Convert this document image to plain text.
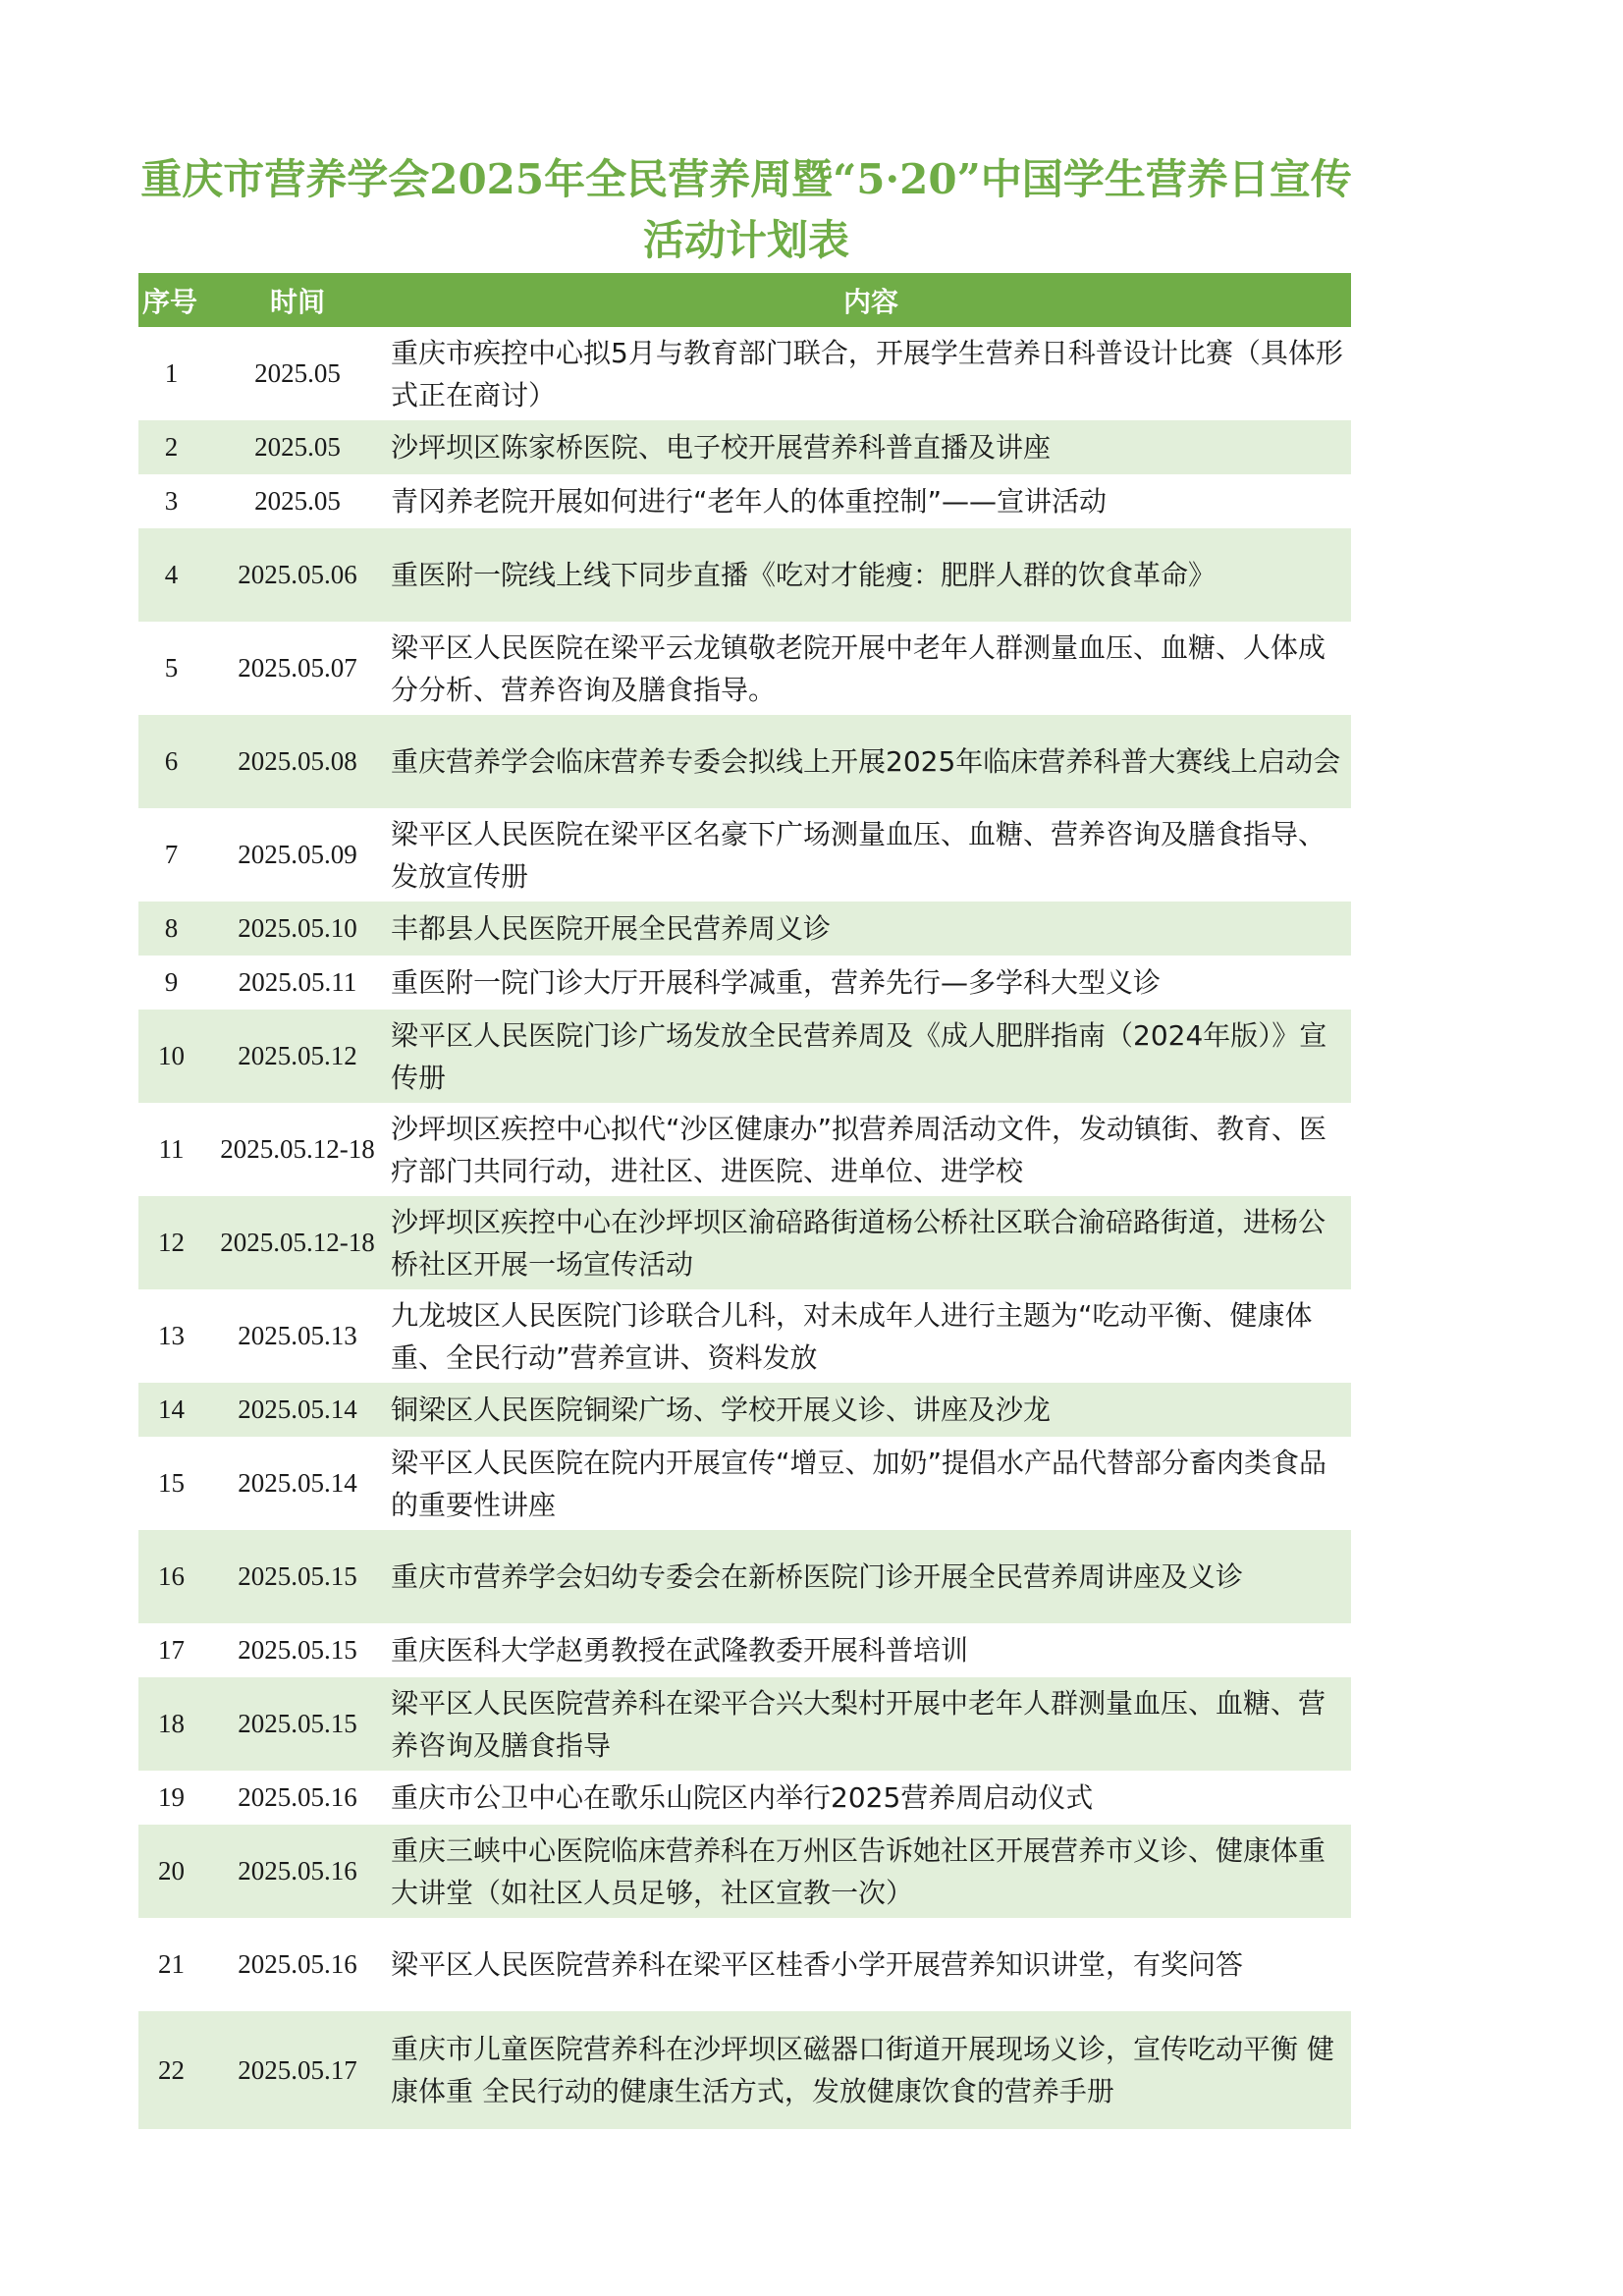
重庆市营养学会2025年全民营养周暨“5·20”中国学生营养日宣传活动计划表
序号	时间	内容
1	2025.05	重庆市疾控中心拟5月与教育部门联合，开展学生营养日科普设计比赛（具体形式正在商讨）
2	2025.05	沙坪坝区陈家桥医院、电子校开展营养科普直播及讲座
3	2025.05	青冈养老院开展如何进行“老年人的体重控制”——宣讲活动
4	2025.05.06	重医附一院线上线下同步直播《吃对才能瘦：肥胖人群的饮食革命》
5	2025.05.07	梁平区人民医院在梁平云龙镇敬老院开展中老年人群测量血压、血糖、人体成分分析、营养咨询及膳食指导。
6	2025.05.08	重庆营养学会临床营养专委会拟线上开展2025年临床营养科普大赛线上启动会
7	2025.05.09	梁平区人民医院在梁平区名豪下广场测量血压、血糖、营养咨询及膳食指导、发放宣传册
8	2025.05.10	丰都县人民医院开展全民营养周义诊
9	2025.05.11	重医附一院门诊大厅开展科学减重，营养先行—多学科大型义诊
10	2025.05.12	梁平区人民医院门诊广场发放全民营养周及《成人肥胖指南（2024年版）》宣传册
11	2025.05.12-18	沙坪坝区疾控中心拟代“沙区健康办”拟营养周活动文件，发动镇街、教育、医疗部门共同行动，进社区、进医院、进单位、进学校

12	2025.05.12-18	沙坪坝区疾控中心在沙坪坝区渝碚路街道杨公桥社区联合渝碚路街道，进杨公桥社区开展一场宣传活动
13	2025.05.13	九龙坡区人民医院门诊联合儿科，对未成年人进行主题为“吃动平衡、健康体重、全民行动”营养宣讲、资料发放
14	2025.05.14	铜梁区人民医院铜梁广场、学校开展义诊、讲座及沙龙
15	2025.05.14	梁平区人民医院在院内开展宣传“增豆、加奶”提倡水产品代替部分畜肉类食品的重要性讲座
16	2025.05.15	重庆市营养学会妇幼专委会在新桥医院门诊开展全民营养周讲座及义诊
17	2025.05.15	重庆医科大学赵勇教授在武隆教委开展科普培训
18	2025.05.15	梁平区人民医院营养科在梁平合兴大梨村开展中老年人群测量血压、血糖、营养咨询及膳食指导
19	2025.05.16	重庆市公卫中心在歌乐山院区内举行2025营养周启动仪式
20	2025.05.16	重庆三峡中心医院临床营养科在万州区告诉她社区开展营养市义诊、健康体重大讲堂（如社区人员足够，社区宣教一次）
21	2025.05.16	梁平区人民医院营养科在梁平区桂香小学开展营养知识讲堂，有奖问答
22	2025.05.17	重庆市儿童医院营养科在沙坪坝区磁器口街道开展现场义诊，宣传吃动平衡 健康体重 全民行动的健康生活方式，发放健康饮食的营养手册
